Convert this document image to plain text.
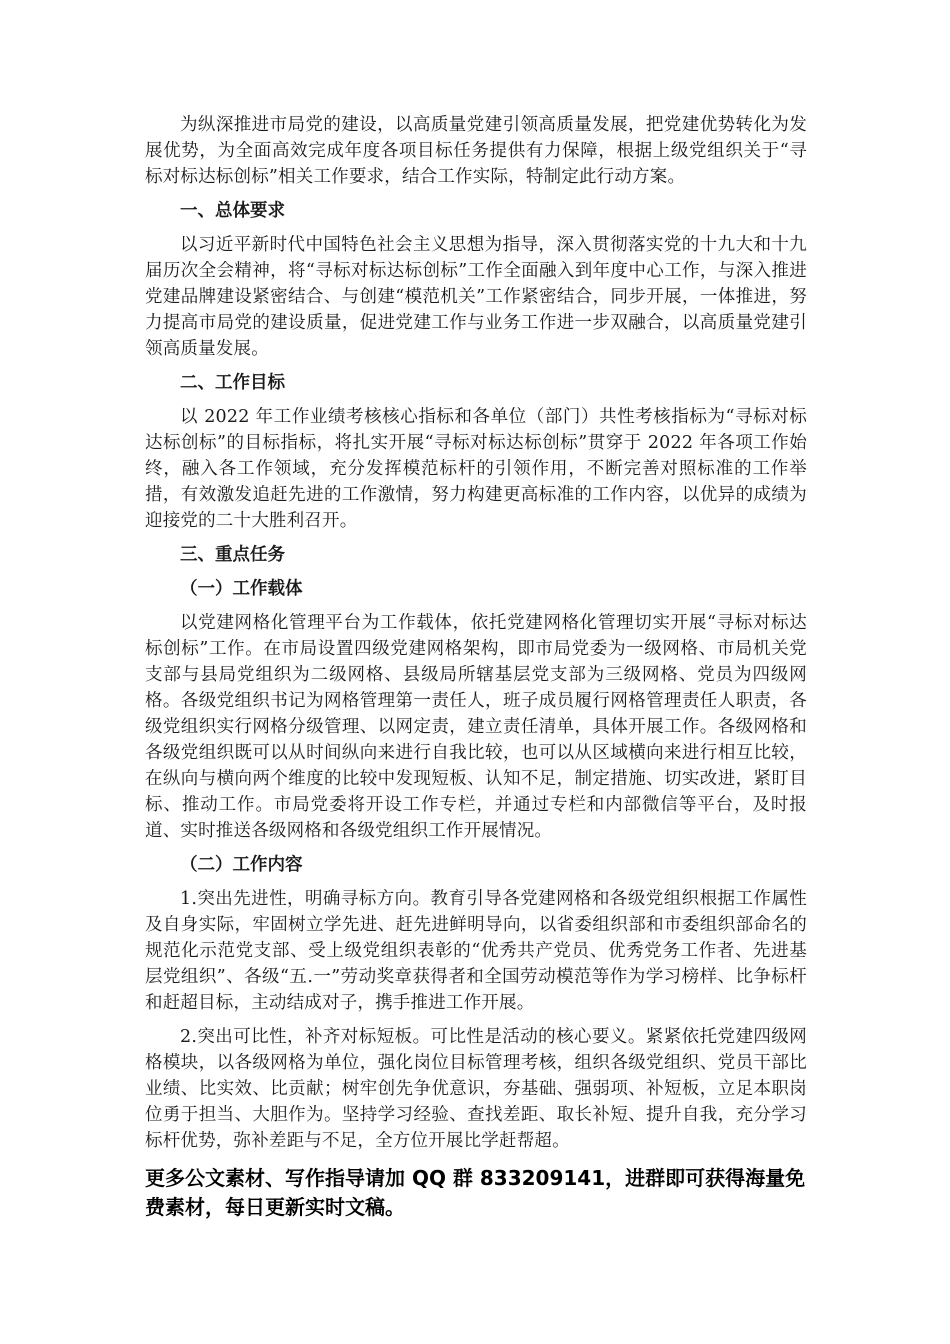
为纵深推进市局党的建设，以高质量党建引领高质量发展，把党建优势转化为发展优势，为全面高效完成年度各项目标任务提供有力保障，根据上级党组织关于“寻标对标达标创标”相关工作要求，结合工作实际，特制定此行动方案。

一、总体要求

以习近平新时代中国特色社会主义思想为指导，深入贯彻落实党的十九大和十九届历次全会精神，将“寻标对标达标创标”工作全面融入到年度中心工作，与深入推进党建品牌建设紧密结合、与创建“模范机关”工作紧密结合，同步开展，一体推进，努力提高市局党的建设质量，促进党建工作与业务工作进一步双融合，以高质量党建引领高质量发展。

二、工作目标

以 2022 年工作业绩考核核心指标和各单位（部门）共性考核指标为“寻标对标达标创标”的目标指标，将扎实开展“寻标对标达标创标”贯穿于 2022 年各项工作始终，融入各工作领域，充分发挥模范标杆的引领作用，不断完善对照标准的工作举措，有效激发追赶先进的工作激情，努力构建更高标准的工作内容，以优异的成绩为迎接党的二十大胜利召开。

三、重点任务
（一）工作载体

以党建网格化管理平台为工作载体，依托党建网格化管理切实开展“寻标对标达标创标”工作。在市局设置四级党建网格架构，即市局党委为一级网格、市局机关党支部与县局党组织为二级网格、县级局所辖基层党支部为三级网格、党员为四级网格。各级党组织书记为网格管理第一责任人，班子成员履行网格管理责任人职责，各级党组织实行网格分级管理、以网定责，建立责任清单，具体开展工作。各级网格和各级党组织既可以从时间纵向来进行自我比较，也可以从区域横向来进行相互比较，在纵向与横向两个维度的比较中发现短板、认知不足，制定措施、切实改进，紧盯目标、推动工作。市局党委将开设工作专栏，并通过专栏和内部微信等平台，及时报道、实时推送各级网格和各级党组织工作开展情况。

（二）工作内容

1.突出先进性，明确寻标方向。教育引导各党建网格和各级党组织根据工作属性及自身实际，牢固树立学先进、赶先进鲜明导向，以省委组织部和市委组织部命名的规范化示范党支部、受上级党组织表彰的“优秀共产党员、优秀党务工作者、先进基层党组织”、各级“五.一”劳动奖章获得者和全国劳动模范等作为学习榜样、比争标杆和赶超目标，主动结成对子，携手推进工作开展。

2.突出可比性，补齐对标短板。可比性是活动的核心要义。紧紧依托党建四级网格模块，以各级网格为单位，强化岗位目标管理考核，组织各级党组织、党员干部比业绩、比实效、比贡献；树牢创先争优意识，夯基础、强弱项、补短板，立足本职岗位勇于担当、大胆作为。坚持学习经验、查找差距、取长补短、提升自我，充分学习标杆优势，弥补差距与不足，全方位开展比学赶帮超。

更多公文素材、写作指导请加 QQ 群 833209141，进群即可获得海量免费素材，每日更新实时文稿。
